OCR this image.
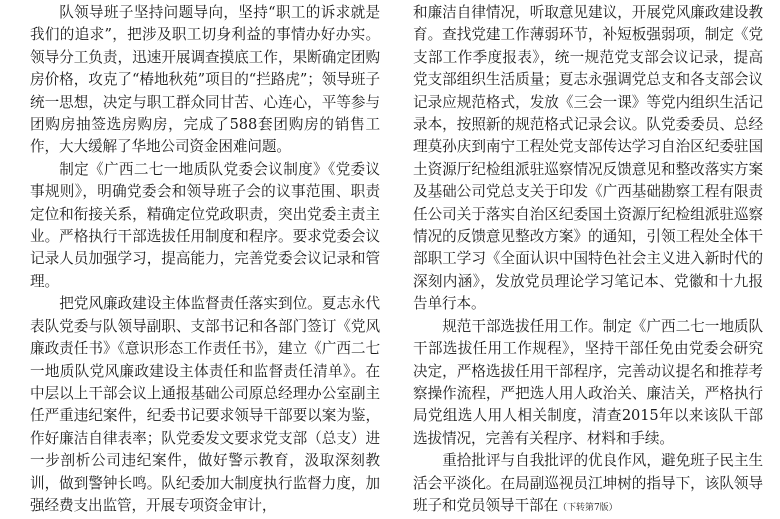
队领导班子坚持问题导向，坚持“职工的诉求就是我们的追求”，把涉及职工切身利益的事情办好办实。领导分工负责，迅速开展调查摸底工作，果断确定团购房价格，攻克了“椿地秋苑”项目的“拦路虎”；领导班子统一思想，决定与职工群众同甘苦、心连心，平等参与团购房抽签选房购房，完成了588套团购房的销售工作，大大缓解了华地公司资金困难问题。

制定《广西二七一地质队党委会议制度》《党委议事规则》，明确党委会和领导班子会的议事范围、职责定位和衔接关系，精确定位党政职责，突出党委主责主业。严格执行干部选拔任用制度和程序。要求党委会议记录人员加强学习，提高能力，完善党委会议记录和管理。

把党风廉政建设主体监督责任落实到位。夏志永代表队党委与队领导副职、支部书记和各部门签订《党风廉政责任书》《意识形态工作责任书》，建立《广西二七一地质队党风廉政建设主体责任和监督责任清单》。在中层以上干部会议上通报基础公司原总经理办公室副主任严重违纪案件，纪委书记要求领导干部要以案为鉴，作好廉洁自律表率；队党委发文要求党支部（总支）进一步剖析公司违纪案件，做好警示教育，汲取深刻教训，做到警钟长鸣。队纪委加大制度执行监督力度，加强经费支出监管，开展专项资金审计，

和廉洁自律情况，听取意见建议，开展党风廉政建设教育。查找党建工作薄弱环节，补短板强弱项，制定《党支部工作季度报表》，统一规范党支部会议记录，提高党支部组织生活质量；夏志永强调党总支和各支部会议记录应规范格式，发放《三会一课》等党内组织生活记录本，按照新的规范格式记录会议。队党委委员、总经理莫孙庆到南宁工程处党支部传达学习自治区纪委驻国土资源厅纪检组派驻巡察情况反馈意见和整改落实方案及基础公司党总支关于印发《广西基础勘察工程有限责任公司关于落实自治区纪委国土资源厅纪检组派驻巡察情况的反馈意见整改方案》的通知，引领工程处全体干部职工学习《全面认识中国特色社会主义进入新时代的深刻内涵》，发放党员理论学习笔记本、党徽和十九报告单行本。

规范干部选拔任用工作。制定《广西二七一地质队干部选拔任用工作规程》，坚持干部任免由党委会研究决定，严格选拔任用干部程序，完善动议提名和推荐考察操作流程，严把选人用人政治关、廉洁关，严格执行局党组选人用人相关制度，清查2015年以来该队干部选拔情况，完善有关程序、材料和手续。

重拾批评与自我批评的优良作风，避免班子民主生活会平淡化。在局副巡视员江坤树的指导下，该队领导班子和党员领导干部在（下转第7版）
